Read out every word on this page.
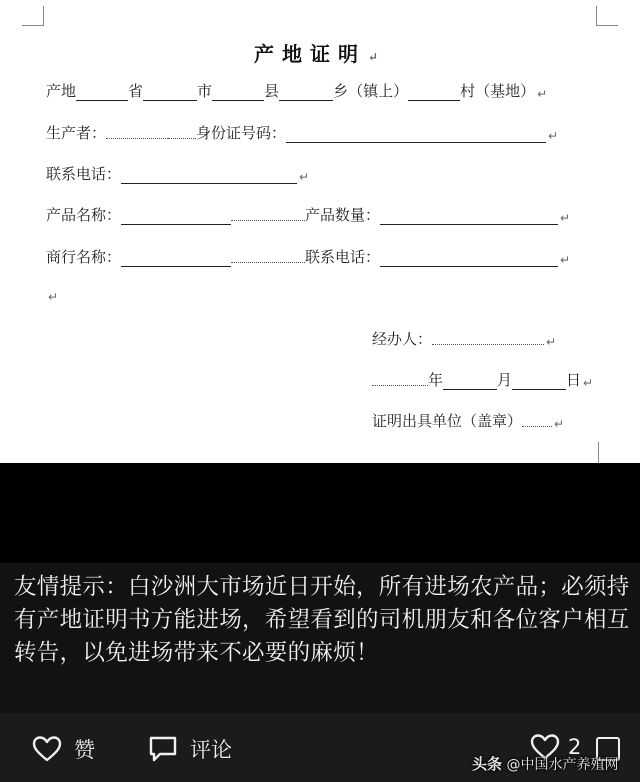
产地证明 ↵
产地	省	市	县	乡（镇上）	村（基地） ↵
生产者：	身份证号码：	↵
联系电话：	↵
产品名称：	产品数量：	↵
商行名称：	联系电话：	↵
↵
经办人：	↵
年	月	日 ↵
证明出具单位（盖章）	↵
友情提示：白沙洲大市场近日开始，所有进场农产品；必须持有产地证明书方能进场，希望看到的司机朋友和各位客户相互转告，以免进场带来不必要的麻烦！
赞	评论	2
头条 @中国水产养殖网
